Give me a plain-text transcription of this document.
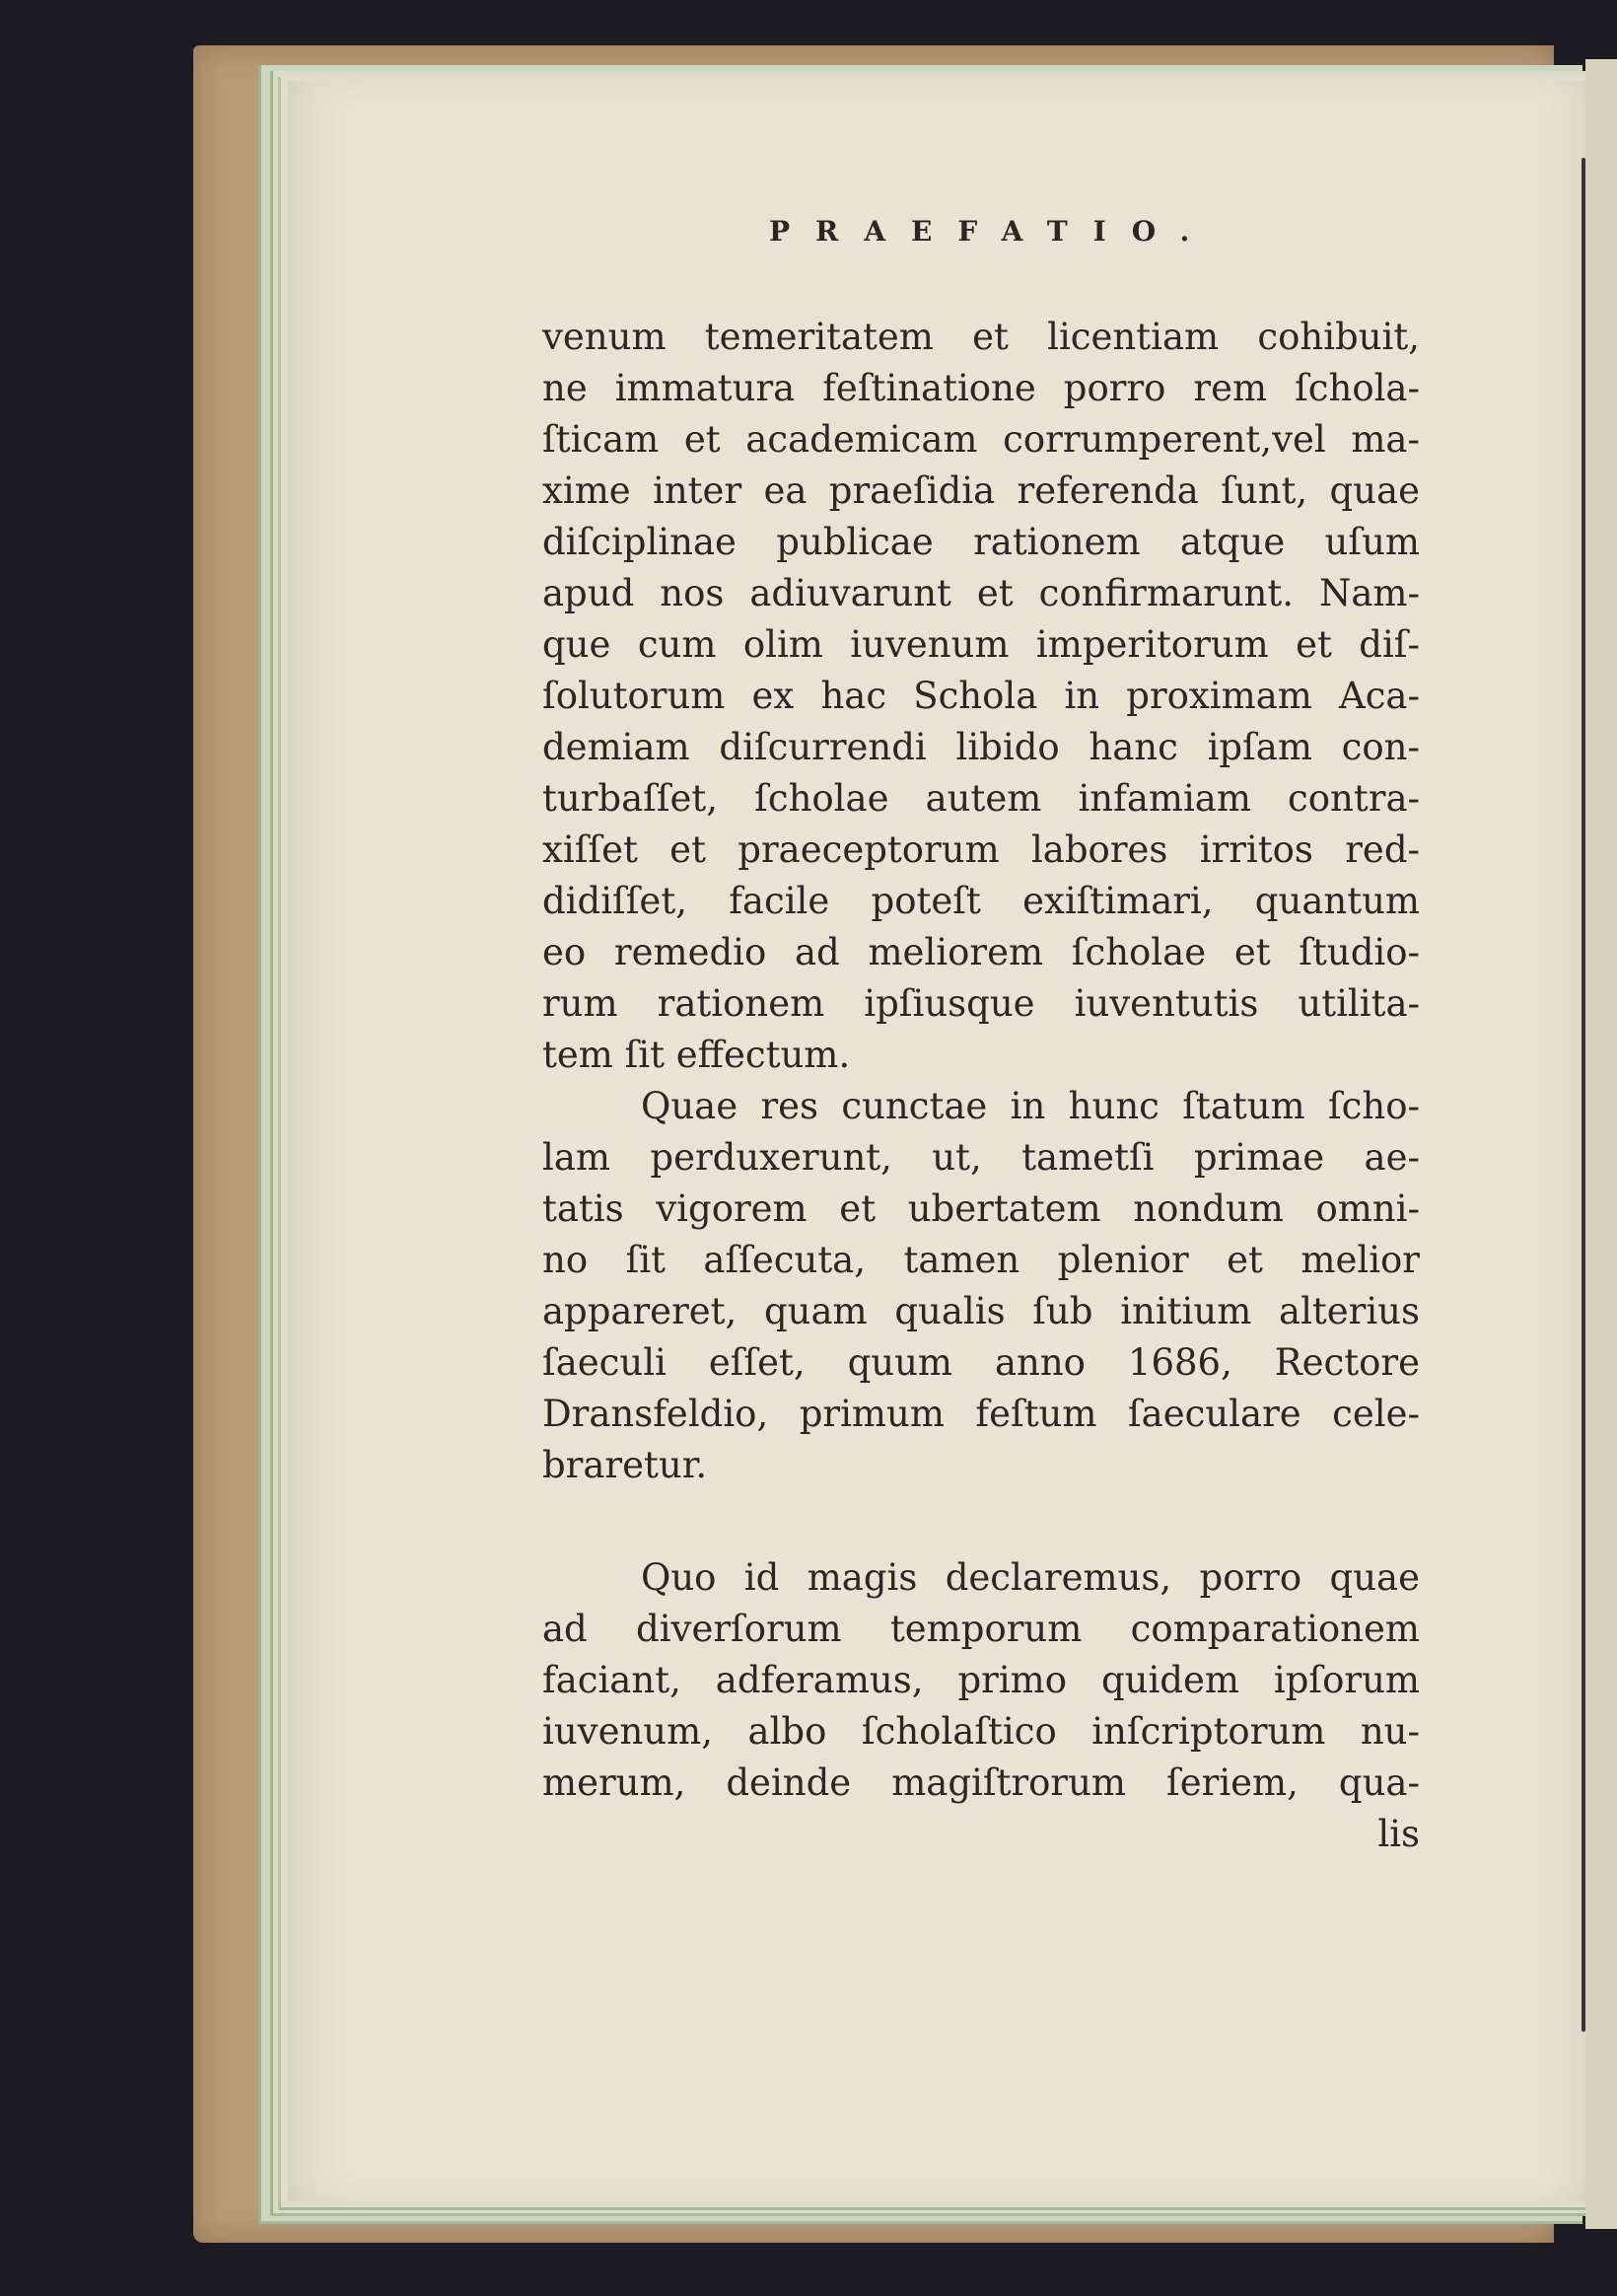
PRAEFATIO.
venum temeritatem et licentiam cohibuit,
ne immatura feſtinatione porro rem ſchola-
ſticam et academicam corrumperent,vel ma-
xime inter ea praeſidia referenda ſunt, quae
diſciplinae publicae rationem atque uſum
apud nos adiuvarunt et confirmarunt. Nam-
que cum olim iuvenum imperitorum et diſ-
ſolutorum ex hac Schola in proximam Aca-
demiam diſcurrendi libido hanc ipſam con-
turbaſſet, ſcholae autem infamiam contra-
xiſſet et praeceptorum labores irritos red-
didiſſet, facile poteſt exiſtimari, quantum
eo remedio ad meliorem ſcholae et ſtudio-
rum rationem ipſiusque iuventutis utilita-
tem ſit effectum.
Quae res cunctae in hunc ſtatum ſcho-
lam perduxerunt, ut, tametſi primae ae-
tatis vigorem et ubertatem nondum omni-
no ſit aſſecuta, tamen plenior et melior
appareret, quam qualis ſub initium alterius
ſaeculi eſſet, quum anno 1686, Rectore
Dransfeldio, primum feſtum ſaeculare cele-
braretur.
Quo id magis declaremus, porro quae
ad diverſorum temporum comparationem
faciant, adferamus, primo quidem ipſorum
iuvenum, albo ſcholaſtico inſcriptorum nu-
merum, deinde magiſtrorum ſeriem, qua-
lis
